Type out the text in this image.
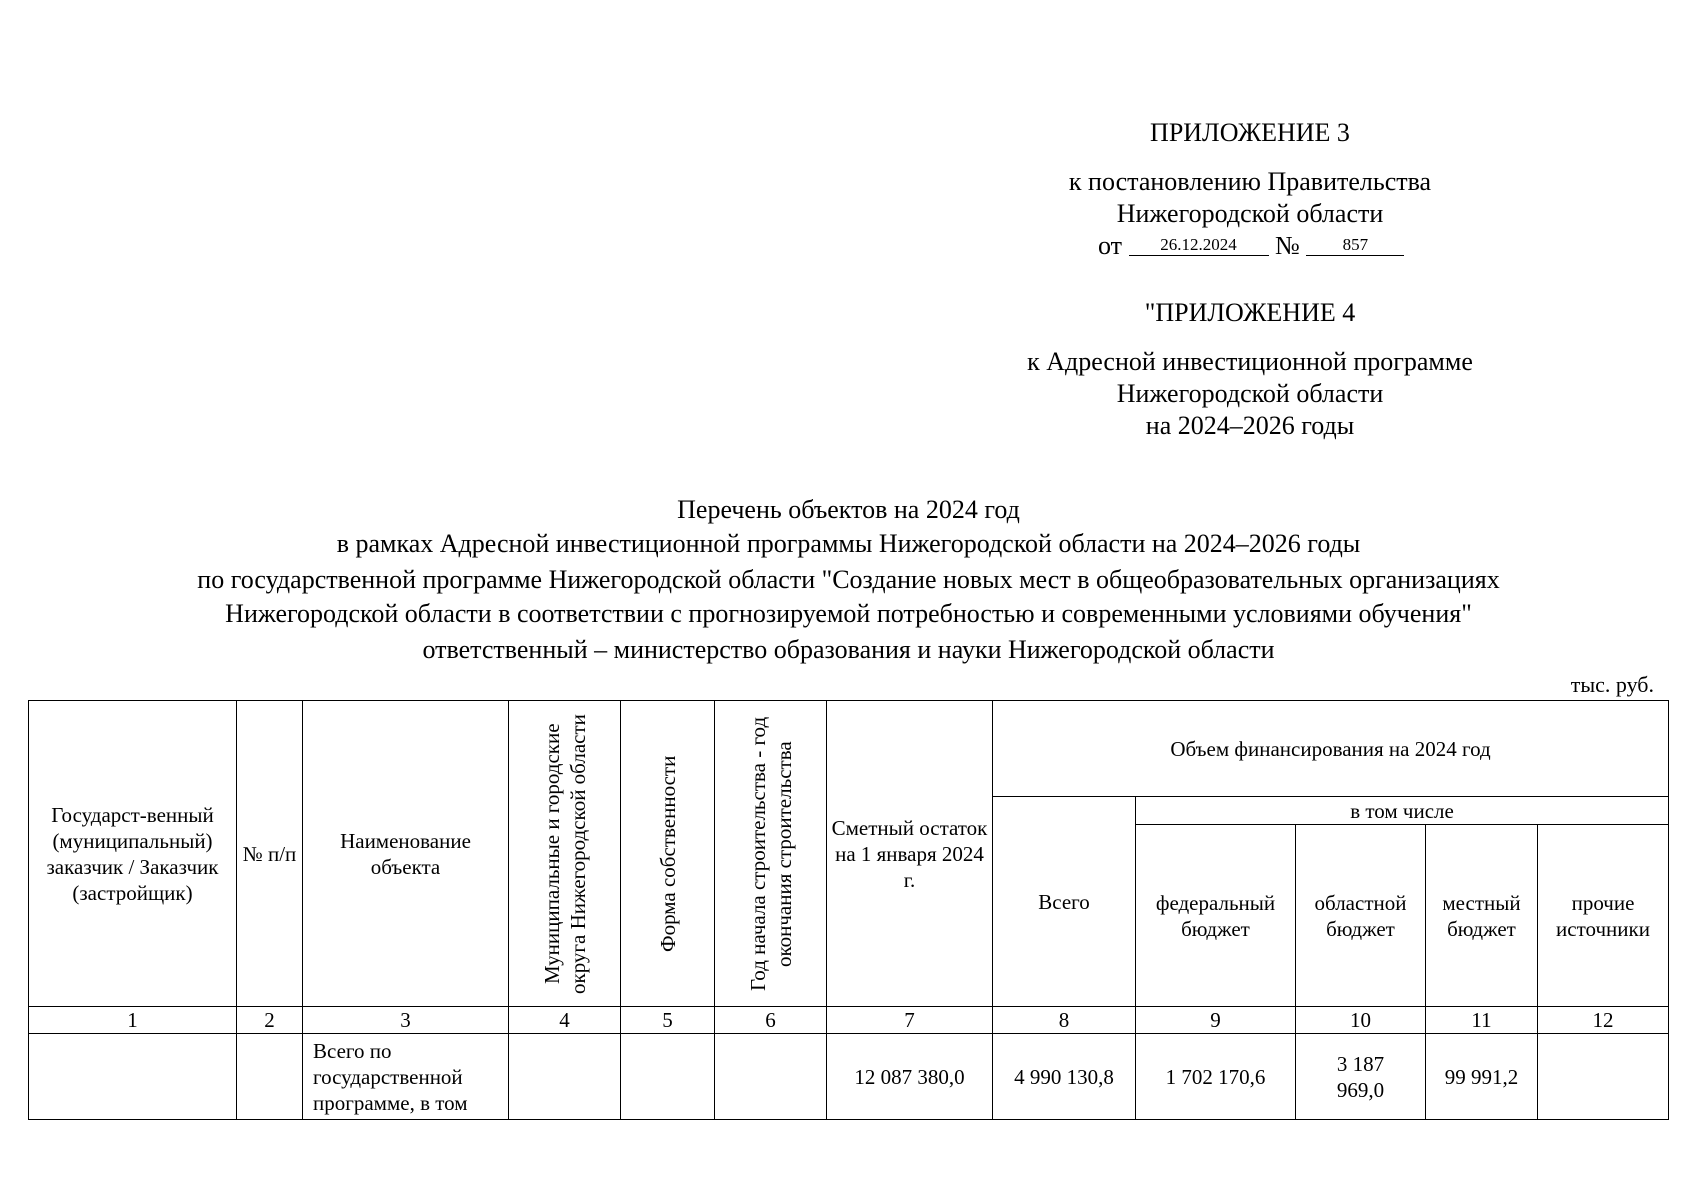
ПРИЛОЖЕНИЕ 3
к постановлению Правительства
Нижегородской области
от 26.12.2024 №	857
"ПРИЛОЖЕНИЕ 4
к Адресной инвестиционной программе
Нижегородской области
на 2024–2026 годы
Перечень объектов на 2024 год
в рамках Адресной инвестиционной программы Нижегородской области на 2024–2026 годы
по государственной программе Нижегородской области "Создание новых мест в общеобразовательных организациях
Нижегородской области в соответствии с прогнозируемой потребностью и современными условиями обучения"
ответственный – министерство образования и науки Нижегородской области
тыс. руб.
Государст-венный (муниципальный) заказчик / Заказчик (застройщик)	№ п/п	Наименование объекта	Муниципальные и городские округа Нижегородской области	Форма собственности	Год начала строительства - год окончания строительства	Сметный остаток на 1 января 2024 г.	Объем финансирования на 2024 год				
							Всего	в том числе			
								федеральный бюджет	областной бюджет	местный бюджет	прочие источники
1	2	3	4	5	6	7	8	9	10	11	12

		Всего по государственной программе, в том				12 087 380,0	4 990 130,8	1 702 170,6	3 187 969,0	99 991,2	
